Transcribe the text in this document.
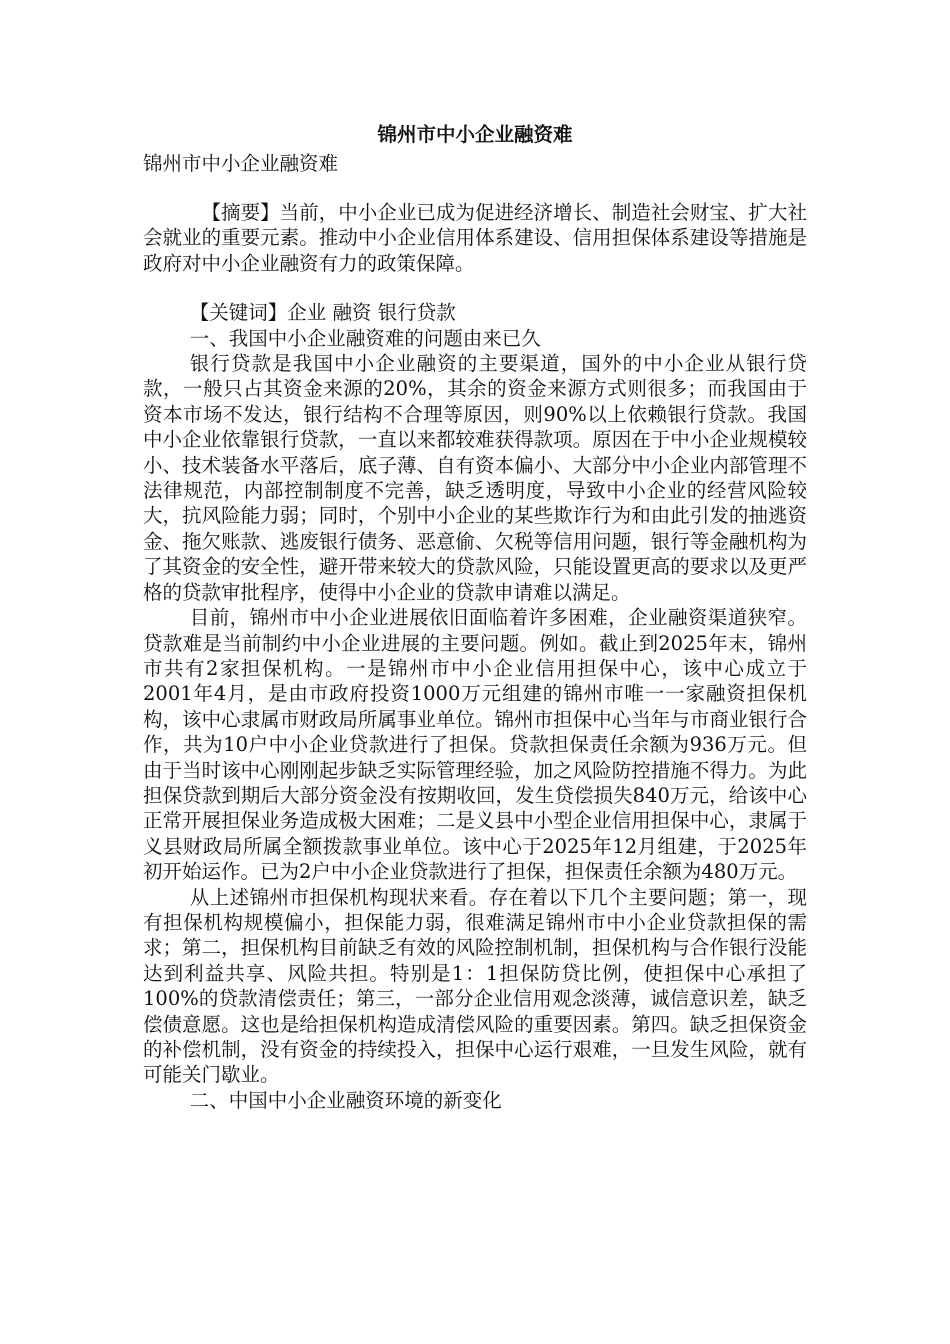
锦州市中小企业融资难

锦州市中小企业融资难

【摘要】当前，中小企业已成为促进经济增长、制造社会财宝、扩大社会就业的重要元素。推动中小企业信用体系建设、信用担保体系建设等措施是政府对中小企业融资有力的政策保障。

【关键词】企业 融资 银行贷款

一、我国中小企业融资难的问题由来已久

银行贷款是我国中小企业融资的主要渠道，国外的中小企业从银行贷款，一般只占其资金来源的20%，其余的资金来源方式则很多；而我国由于资本市场不发达，银行结构不合理等原因，则90%以上依赖银行贷款。我国中小企业依靠银行贷款，一直以来都较难获得款项。原因在于中小企业规模较小、技术装备水平落后，底子薄、自有资本偏小、大部分中小企业内部管理不法律规范，内部控制制度不完善，缺乏透明度，导致中小企业的经营风险较大，抗风险能力弱；同时，个别中小企业的某些欺诈行为和由此引发的抽逃资金、拖欠账款、逃废银行债务、恶意偷、欠税等信用问题，银行等金融机构为了其资金的安全性，避开带来较大的贷款风险，只能设置更高的要求以及更严格的贷款审批程序，使得中小企业的贷款申请难以满足。

目前，锦州市中小企业进展依旧面临着许多困难，企业融资渠道狭窄。贷款难是当前制约中小企业进展的主要问题。例如。截止到2025年末，锦州市共有2家担保机构。一是锦州市中小企业信用担保中心，该中心成立于2001年4月，是由市政府投资1000万元组建的锦州市唯一一家融资担保机构，该中心隶属市财政局所属事业单位。锦州市担保中心当年与市商业银行合作，共为10户中小企业贷款进行了担保。贷款担保责任余额为936万元。但由于当时该中心刚刚起步缺乏实际管理经验，加之风险防控措施不得力。为此担保贷款到期后大部分资金没有按期收回，发生贷偿损失840万元，给该中心正常开展担保业务造成极大困难；二是义县中小型企业信用担保中心，隶属于义县财政局所属全额拨款事业单位。该中心于2025年12月组建，于2025年初开始运作。已为2户中小企业贷款进行了担保，担保责任余额为480万元。

从上述锦州市担保机构现状来看。存在着以下几个主要问题；第一，现有担保机构规模偏小，担保能力弱，很难满足锦州市中小企业贷款担保的需求；第二，担保机构目前缺乏有效的风险控制机制，担保机构与合作银行没能达到利益共享、风险共担。特别是1：1担保防贷比例，使担保中心承担了100%的贷款清偿责任；第三，一部分企业信用观念淡薄，诚信意识差，缺乏偿债意愿。这也是给担保机构造成清偿风险的重要因素。第四。缺乏担保资金的补偿机制，没有资金的持续投入，担保中心运行艰难，一旦发生风险，就有可能关门歇业。

二、中国中小企业融资环境的新变化
